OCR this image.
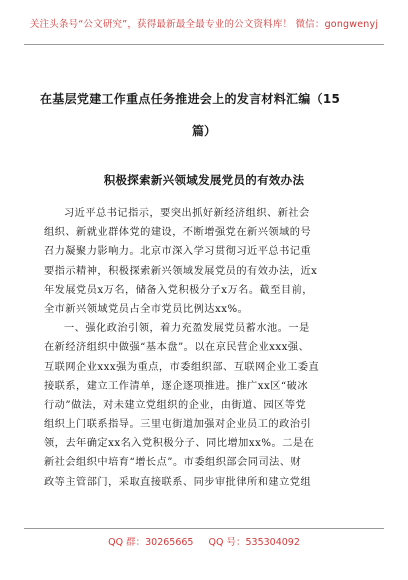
关注头条号“公文研究”，获得最新最全最专业的公文资料库！ 微信：gongwenyj
在基层党建工作重点任务推进会上的发言材料汇编（15
篇）
积极探索新兴领域发展党员的有效办法
习近平总书记指示，要突出抓好新经济组织、新社会
组织、新就业群体党的建设，不断增强党在新兴领域的号
召力凝聚力影响力。北京市深入学习贯彻习近平总书记重
要指示精神，积极探索新兴领域发展党员的有效办法，近x
年发展党员x万名，储备入党积极分子x万名。截至目前，
全市新兴领域党员占全市党员比例达xx%。
一、强化政治引领，着力充盈发展党员蓄水池。一是
在新经济组织中做强“基本盘”。以在京民营企业xxx强、
互联网企业xxx强为重点，市委组织部、互联网企业工委直
接联系，建立工作清单，逐企逐项推进。推广xx区“破冰
行动”做法，对未建立党组织的企业，由街道、园区等党
组织上门联系指导。三里屯街道加强对企业员工的政治引
领，去年确定xx名入党积极分子、同比增加xx%。二是在
新社会组织中培育“增长点”。市委组织部会同司法、财
政等主管部门，采取直接联系、同步审批律所和建立党组
QQ 群：30265665 QQ 号：535304092
